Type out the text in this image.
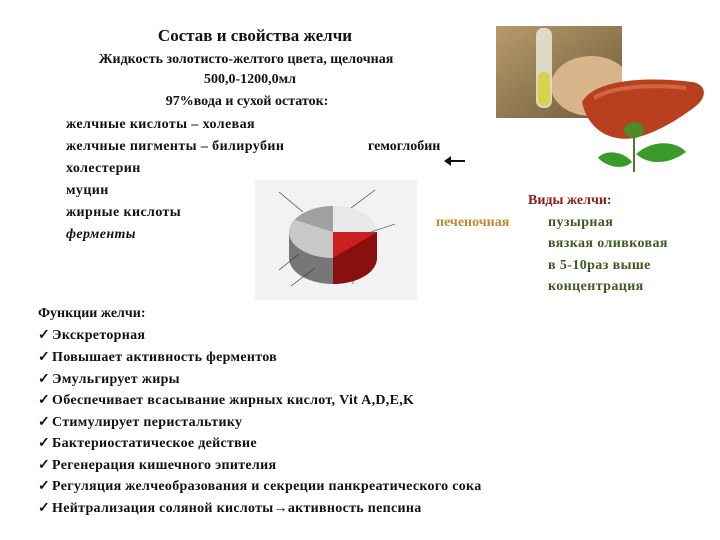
Состав и свойства желчи
Жидкость золотисто-желтого цвета, щелочная
500,0-1200,0мл
97%вода и сухой остаток:
желчные кислоты – холевая
желчные пигменты – билирубин
холестерин
муцин
жирные кислоты
ферменты
гемоглобин
Виды желчи:
печеночная	пузырная
вязкая оливковая
в 5-10раз выше
концентрация
Функции желчи:
✓ Экскреторная
✓ Повышает активность ферментов
✓ Эмульгирует жиры
✓ Обеспечивает всасывание жирных кислот, Vit A,D,E,K
✓ Стимулирует перистальтику
✓ Бактериостатическое действие
✓ Регенерация кишечного эпителия
✓ Регуляция желчеобразования и секреции панкреатического сока
✓ Нейтрализация соляной кислоты→активность пепсина
